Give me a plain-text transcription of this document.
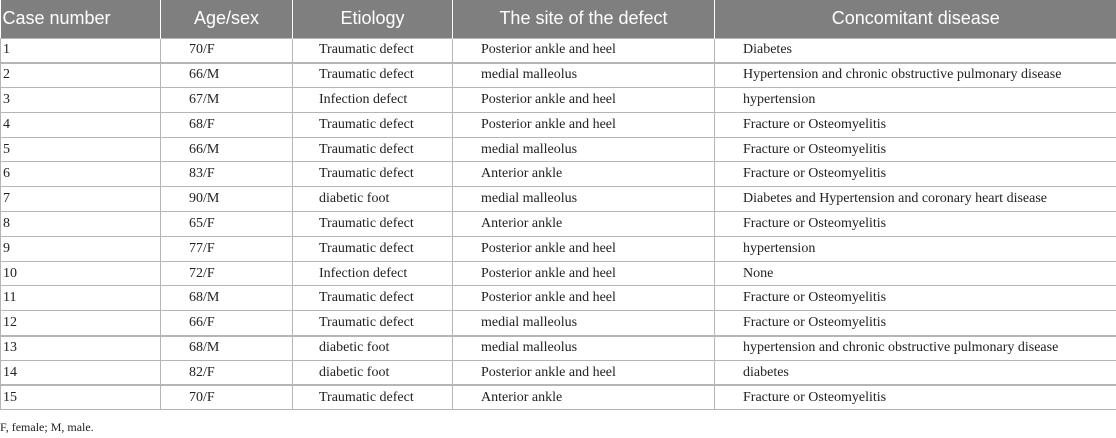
Case number	Age/sex	Etiology	The site of the defect	Concomitant disease
1	70/F	Traumatic defect	Posterior ankle and heel	Diabetes
2	66/M	Traumatic defect	medial malleolus	Hypertension and chronic obstructive pulmonary disease
3	67/M	Infection defect	Posterior ankle and heel	hypertension
4	68/F	Traumatic defect	Posterior ankle and heel	Fracture or Osteomyelitis
5	66/M	Traumatic defect	medial malleolus	Fracture or Osteomyelitis
6	83/F	Traumatic defect	Anterior ankle	Fracture or Osteomyelitis
7	90/M	diabetic foot	medial malleolus	Diabetes and Hypertension and coronary heart disease
8	65/F	Traumatic defect	Anterior ankle	Fracture or Osteomyelitis
9	77/F	Traumatic defect	Posterior ankle and heel	hypertension
10	72/F	Infection defect	Posterior ankle and heel	None
11	68/M	Traumatic defect	Posterior ankle and heel	Fracture or Osteomyelitis
12	66/F	Traumatic defect	medial malleolus	Fracture or Osteomyelitis
13	68/M	diabetic foot	medial malleolus	hypertension and chronic obstructive pulmonary disease
14	82/F	diabetic foot	Posterior ankle and heel	diabetes
15	70/F	Traumatic defect	Anterior ankle	Fracture or Osteomyelitis
F, female; M, male.
